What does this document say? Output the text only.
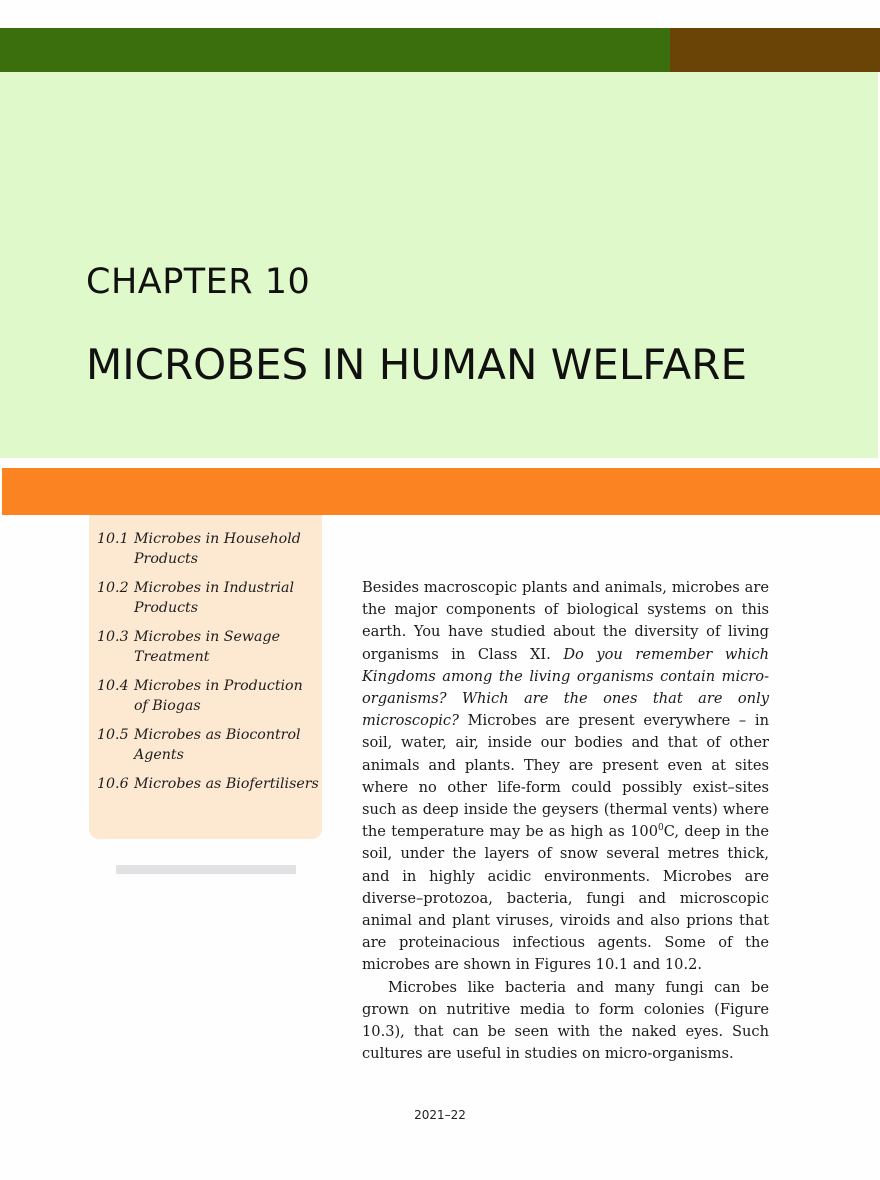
CHAPTER 10
MICROBES IN HUMAN WELFARE
10.1 Microbes in Household Products
10.2 Microbes in Industrial Products
10.3 Microbes in Sewage Treatment
10.4 Microbes in Production of Biogas
10.5 Microbes as Biocontrol Agents
10.6 Microbes as Biofertilisers

Besides macroscopic plants and animals, microbes are the major components of biological systems on this earth. You have studied about the diversity of living organisms in Class XI. Do you remember which Kingdoms among the living organisms contain micro-organisms? Which are the ones that are only microscopic? Microbes are present everywhere – in soil, water, air, inside our bodies and that of other animals and plants. They are present even at sites where no other life-form could possibly exist–sites such as deep inside the geysers (thermal vents) where the temperature may be as high as $100^0C$, deep in the soil, under the layers of snow several metres thick, and in highly acidic environments. Microbes are diverse–protozoa, bacteria, fungi and microscopic animal and plant viruses, viroids and also prions that are proteinacious infectious agents. Some of the microbes are shown in Figures 10.1 and 10.2.

Microbes like bacteria and many fungi can be grown on nutritive media to form colonies (Figure 10.3), that can be seen with the naked eyes. Such cultures are useful in studies on micro-organisms.

2021–22
